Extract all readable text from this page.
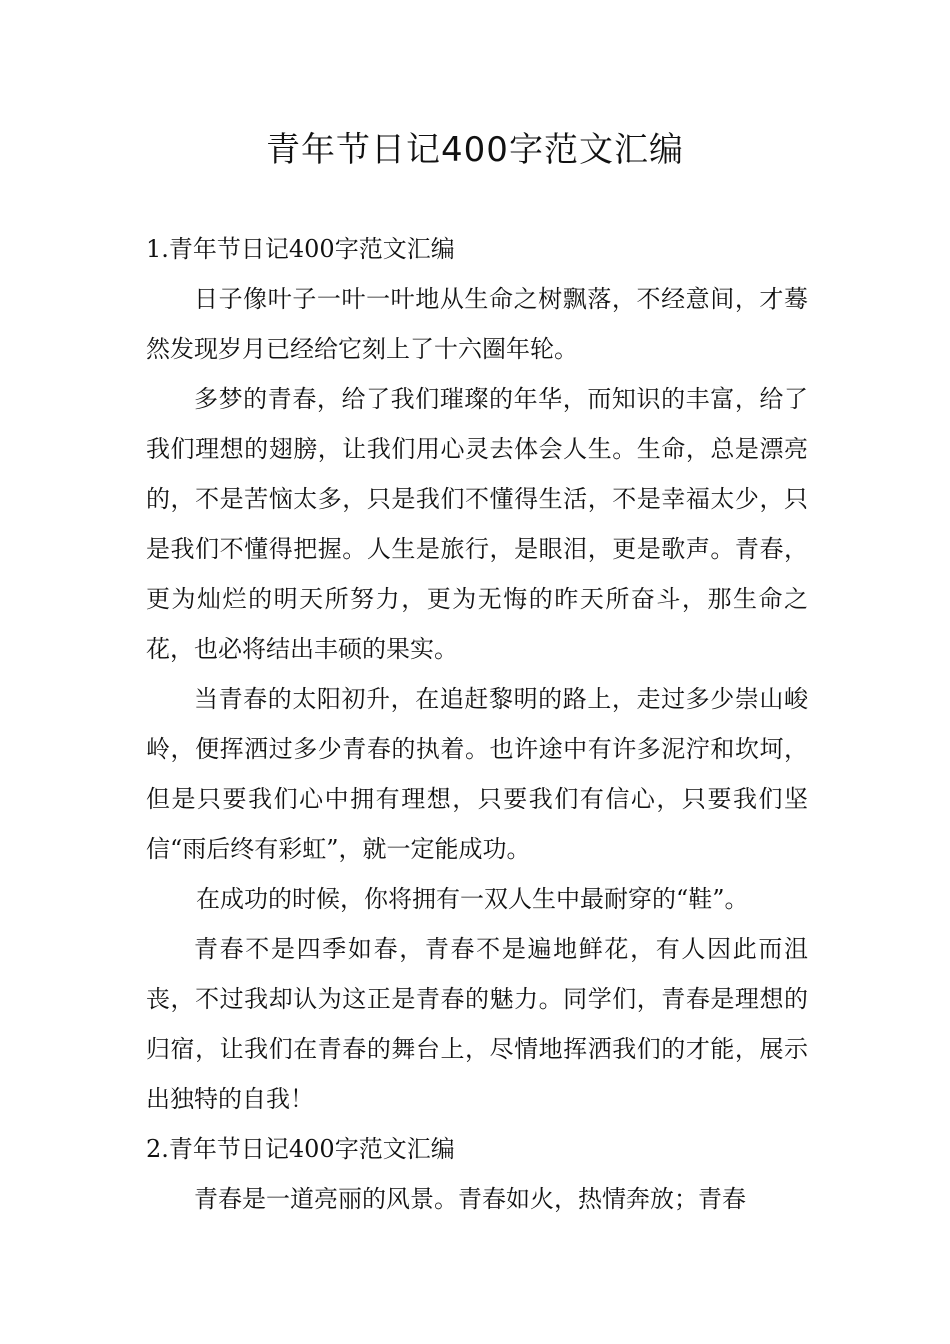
青年节日记400字范文汇编
1.青年节日记400字范文汇编

日子像叶子一叶一叶地从生命之树飘落，不经意间，才蓦然发现岁月已经给它刻上了十六圈年轮。

多梦的青春，给了我们璀璨的年华，而知识的丰富，给了我们理想的翅膀，让我们用心灵去体会人生。生命，总是漂亮的，不是苦恼太多，只是我们不懂得生活，不是幸福太少，只是我们不懂得把握。人生是旅行，是眼泪，更是歌声。青春，更为灿烂的明天所努力，更为无悔的昨天所奋斗，那生命之花，也必将结出丰硕的果实。

当青春的太阳初升，在追赶黎明的路上，走过多少崇山峻岭，便挥洒过多少青春的执着。也许途中有许多泥泞和坎坷，但是只要我们心中拥有理想，只要我们有信心，只要我们坚信“雨后终有彩虹”，就一定能成功。

在成功的时候，你将拥有一双人生中最耐穿的“鞋”。

青春不是四季如春，青春不是遍地鲜花，有人因此而沮丧，不过我却认为这正是青春的魅力。同学们，青春是理想的归宿，让我们在青春的舞台上，尽情地挥洒我们的才能，展示出独特的自我！

2.青年节日记400字范文汇编

青春是一道亮丽的风景。青春如火，热情奔放；青春
